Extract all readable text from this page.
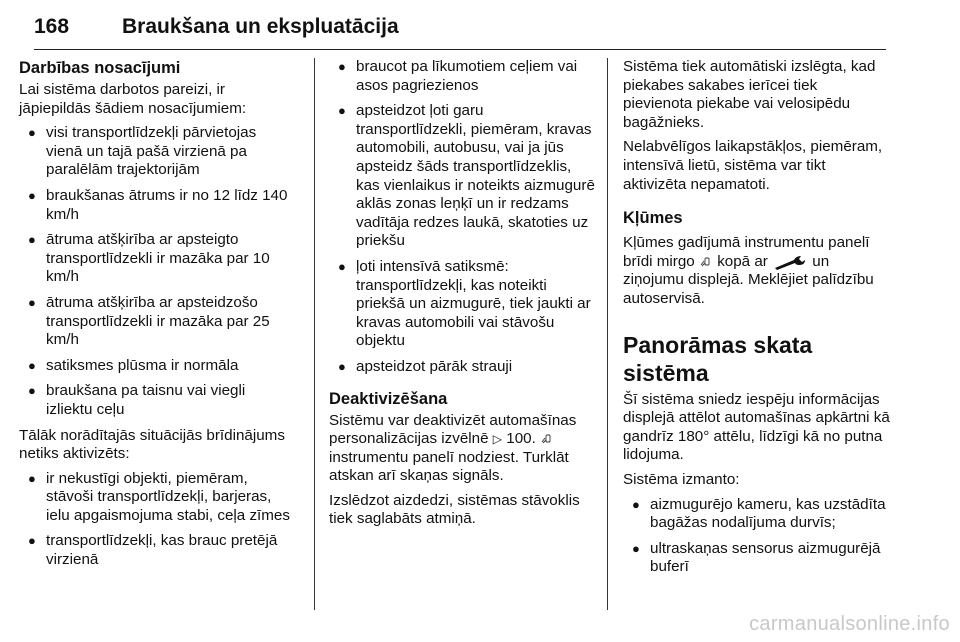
168	Braukšana un ekspluatācija
Darbības nosacījumi

Lai sistēma darbotos pareizi, ir jāpiepildās šādiem nosacījumiem:

● visi transportlīdzekļi pārvietojas vienā un tajā pašā virzienā pa paralēlām trajektorijām
● braukšanas ātrums ir no 12 līdz 140 km/h
● ātruma atšķirība ar apsteigto transportlīdzekli ir mazāka par 10 km/h
● ātruma atšķirība ar apsteidzošo transportlīdzekli ir mazāka par 25 km/h
● satiksmes plūsma ir normāla
● braukšana pa taisnu vai viegli izliektu ceļu

Tālāk norādītajās situācijās brīdinājums netiks aktivizēts:

● ir nekustīgi objekti, piemēram, stāvoši transportlīdzekļi, barjeras, ielu apgaismojuma stabi, ceļa zīmes
● transportlīdzekļi, kas brauc pretējā virzienā
● braucot pa līkumotiem ceļiem vai asos pagriezienos
● apsteidzot ļoti garu transportlīdzekli, piemēram, kravas automobili, autobusu, vai ja jūs apsteidz šāds transportlīdzeklis, kas vienlaikus ir noteikts aizmugurē aklās zonas leņķī un ir redzams vadītāja redzes laukā, skatoties uz priekšu
● ļoti intensīvā satiksmē: transportlīdzekļi, kas noteikti priekšā un aizmugurē, tiek jaukti ar kravas automobili vai stāvošu objektu
● apsteidzot pārāk strauji
Deaktivizēšana

Sistēmu var deaktivizēt automašīnas personalizācijas izvēlnē ▷ 100.  instrumentu panelī nodziest. Turklāt atskan arī skaņas signāls.

Izslēdzot aizdedzi, sistēmas stāvoklis tiek saglabāts atmiņā.

Sistēma tiek automātiski izslēgta, kad piekabes sakabes ierīcei tiek pievienota piekabe vai velosipēdu bagāžnieks.

Nelabvēlīgos laikapstākļos, piemēram, intensīvā lietū, sistēma var tikt aktivizēta nepamatoti.

Kļūmes

Kļūmes gadījumā instrumentu panelī brīdi mirgo  kopā ar  un ziņojumu displejā. Meklējiet palīdzību autoservisā.

Panorāmas skata sistēma

Šī sistēma sniedz iespēju informācijas displejā attēlot automašīnas apkārtni kā gandrīz 180° attēlu, līdzīgi kā no putna lidojuma.

Sistēma izmanto:

● aizmugurējo kameru, kas uzstādīta bagāžas nodalījuma durvīs;
● ultraskaņas sensorus aizmugurējā buferī
carmanualsonline.info
